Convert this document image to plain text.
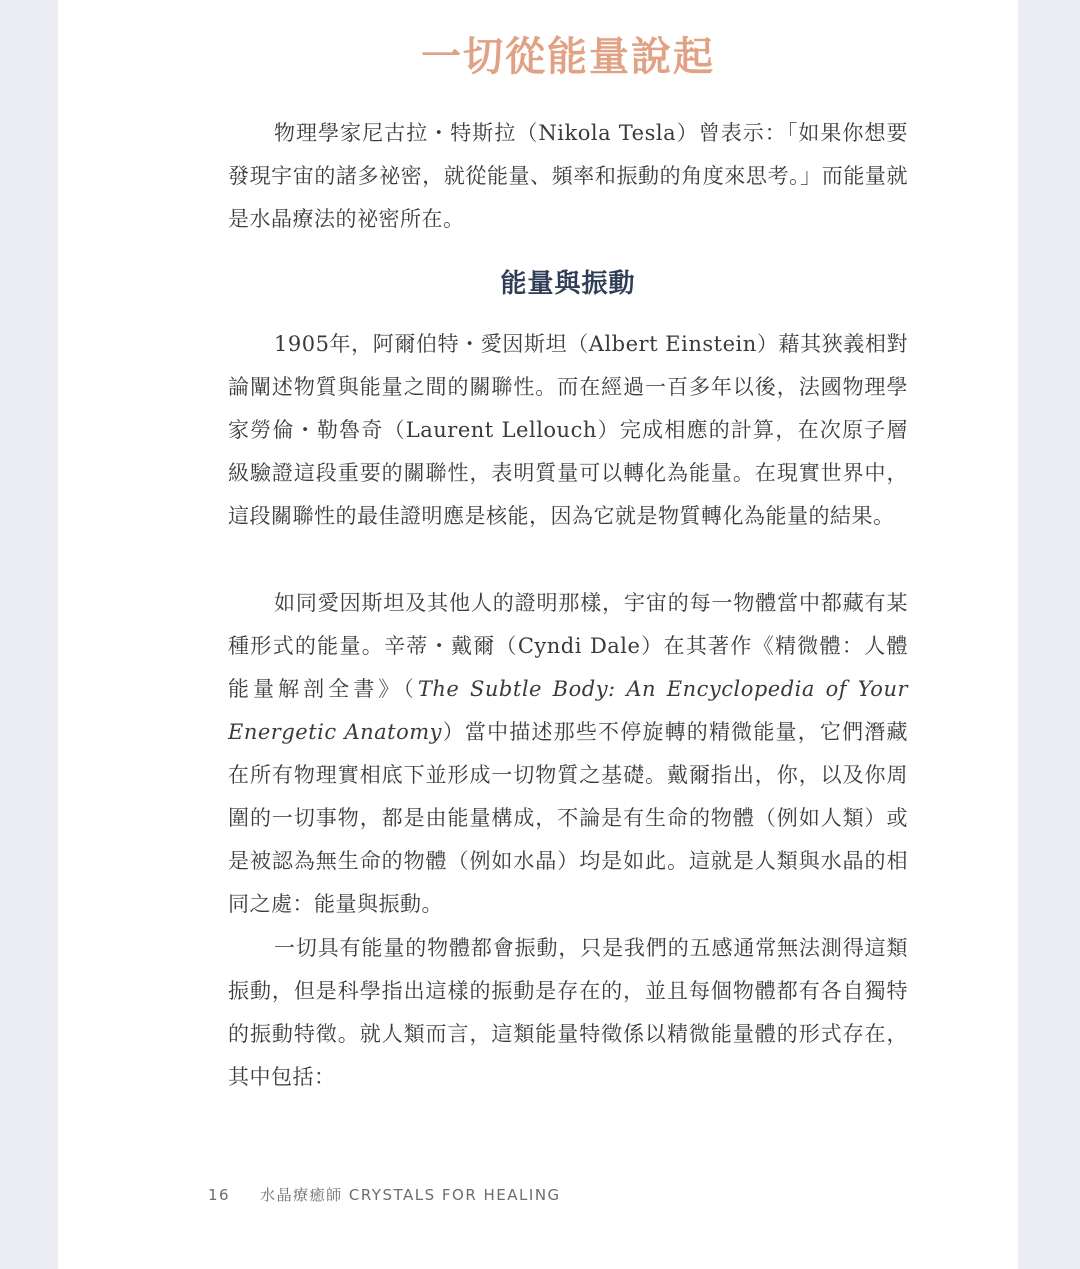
一切從能量說起

物理學家尼古拉・特斯拉（Nikola Tesla）曾表示：「如果你想要發現宇宙的諸多祕密，就從能量、頻率和振動的角度來思考。」而能量就是水晶療法的祕密所在。

能量與振動

1905年，阿爾伯特・愛因斯坦（Albert Einstein）藉其狹義相對論闡述物質與能量之間的關聯性。而在經過一百多年以後，法國物理學家勞倫・勒魯奇（Laurent Lellouch）完成相應的計算，在次原子層級驗證這段重要的關聯性，表明質量可以轉化為能量。在現實世界中，這段關聯性的最佳證明應是核能，因為它就是物質轉化為能量的結果。

如同愛因斯坦及其他人的證明那樣，宇宙的每一物體當中都藏有某種形式的能量。辛蒂・戴爾（Cyndi Dale）在其著作《精微體：人體能量解剖全書》（The Subtle Body: An Encyclopedia of Your Energetic Anatomy）當中描述那些不停旋轉的精微能量，它們潛藏在所有物理實相底下並形成一切物質之基礎。戴爾指出，你，以及你周圍的一切事物，都是由能量構成，不論是有生命的物體（例如人類）或是被認為無生命的物體（例如水晶）均是如此。這就是人類與水晶的相同之處：能量與振動。

一切具有能量的物體都會振動，只是我們的五感通常無法測得這類振動，但是科學指出這樣的振動是存在的，並且每個物體都有各自獨特的振動特徵。就人類而言，這類能量特徵係以精微能量體的形式存在，其中包括：

16 水晶療癒師 CRYSTALS FOR HEALING
